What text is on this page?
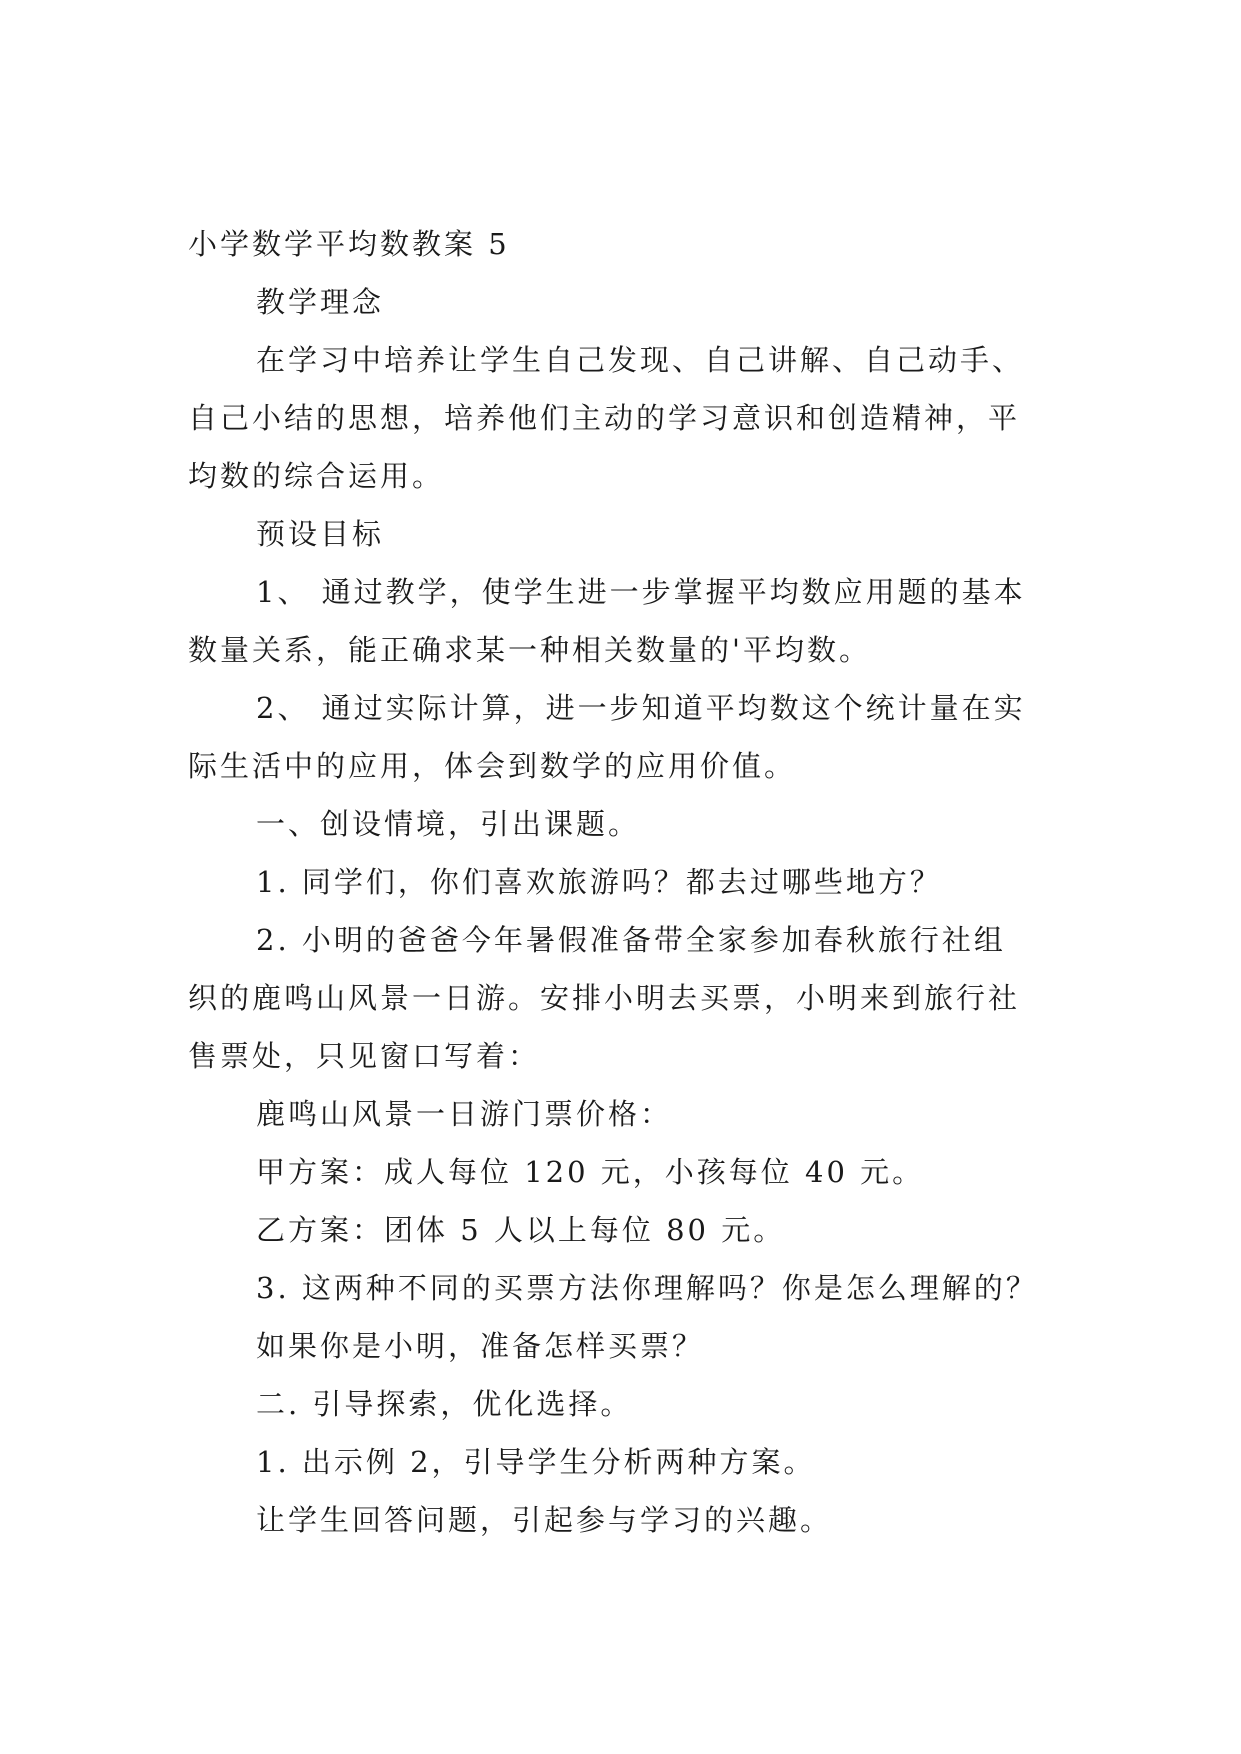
小学数学平均数教案 5
教学理念
在学习中培养让学生自己发现、自己讲解、自己动手、
自己小结的思想，培养他们主动的学习意识和创造精神，平
均数的综合运用。
预设目标
1、 通过教学，使学生进一步掌握平均数应用题的基本
数量关系，能正确求某一种相关数量的'平均数。
2、 通过实际计算，进一步知道平均数这个统计量在实
际生活中的应用，体会到数学的应用价值。
一、创设情境，引出课题。
1. 同学们，你们喜欢旅游吗？都去过哪些地方？
2. 小明的爸爸今年暑假准备带全家参加春秋旅行社组
织的鹿鸣山风景一日游。安排小明去买票，小明来到旅行社
售票处，只见窗口写着：
鹿鸣山风景一日游门票价格：
甲方案：成人每位 120 元，小孩每位 40 元。
乙方案：团体 5 人以上每位 80 元。
3. 这两种不同的买票方法你理解吗？你是怎么理解的？
如果你是小明，准备怎样买票？
二. 引导探索，优化选择。
1. 出示例 2，引导学生分析两种方案。
让学生回答问题，引起参与学习的兴趣。
